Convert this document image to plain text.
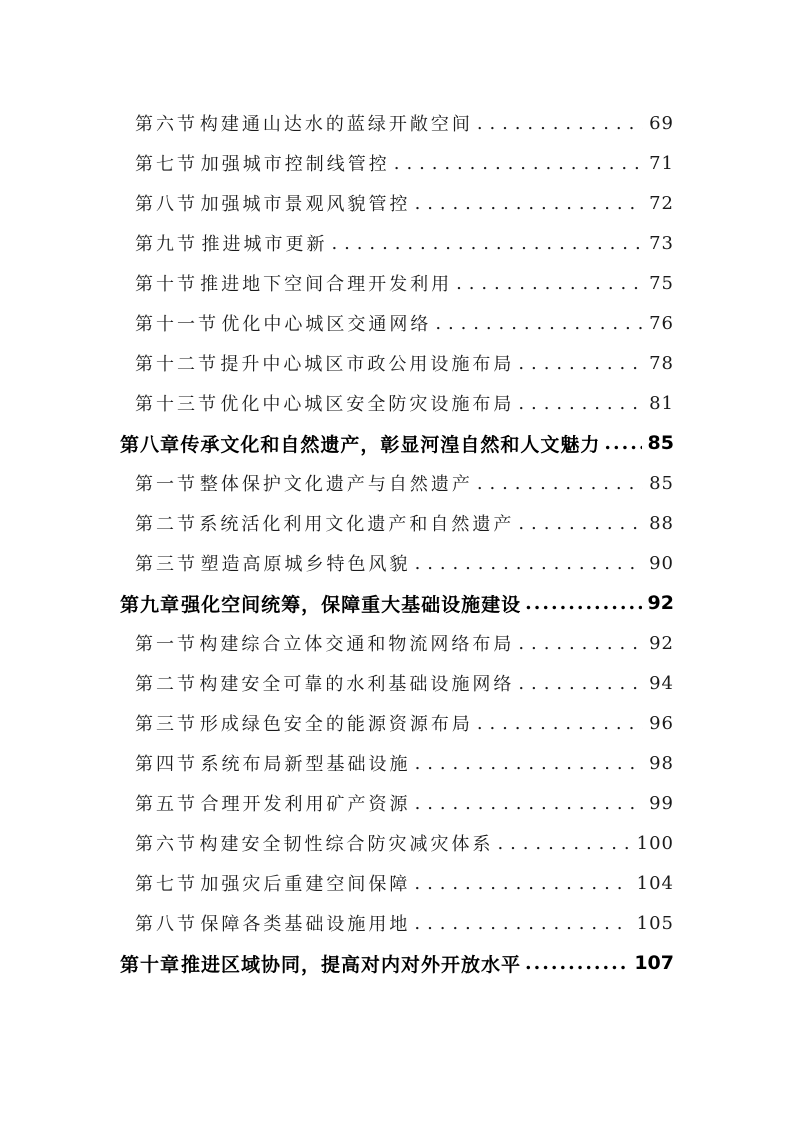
第六节 构建通山达水的蓝绿开敞空间 . . .	69
第七节 加强城市控制线管控 . . .	71
第八节 加强城市景观风貌管控 . . .	72
第九节 推进城市更新 . . .	73
第十节 推进地下空间合理开发利用 . . .	75
第十一节 优化中心城区交通网络 . . .	76
第十二节 提升中心城区市政公用设施布局 . . .	78
第十三节 优化中心城区安全防灾设施布局 . . .	81
第八章 传承文化和自然遗产，彰显河湟自然和人文魅力 ..... 85
第一节 整体保护文化遗产与自然遗产 . . .	85
第二节 系统活化利用文化遗产和自然遗产 . . .	88
第三节 塑造高原城乡特色风貌 . . .	90
第九章 强化空间统筹，保障重大基础设施建设 .....	92
第一节 构建综合立体交通和物流网络布局 . . .	92
第二节 构建安全可靠的水利基础设施网络 . . .	94
第三节 形成绿色安全的能源资源布局 . . .	96
第四节 系统布局新型基础设施 . . .	98
第五节 合理开发利用矿产资源 . . .	99
第六节 构建安全韧性综合防灾减灾体系 . . .	100
第七节 加强灾后重建空间保障 . . .	104
第八节 保障各类基础设施用地 . . .	105
第十章 推进区域协同，提高对内对外开放水平 .....	107
